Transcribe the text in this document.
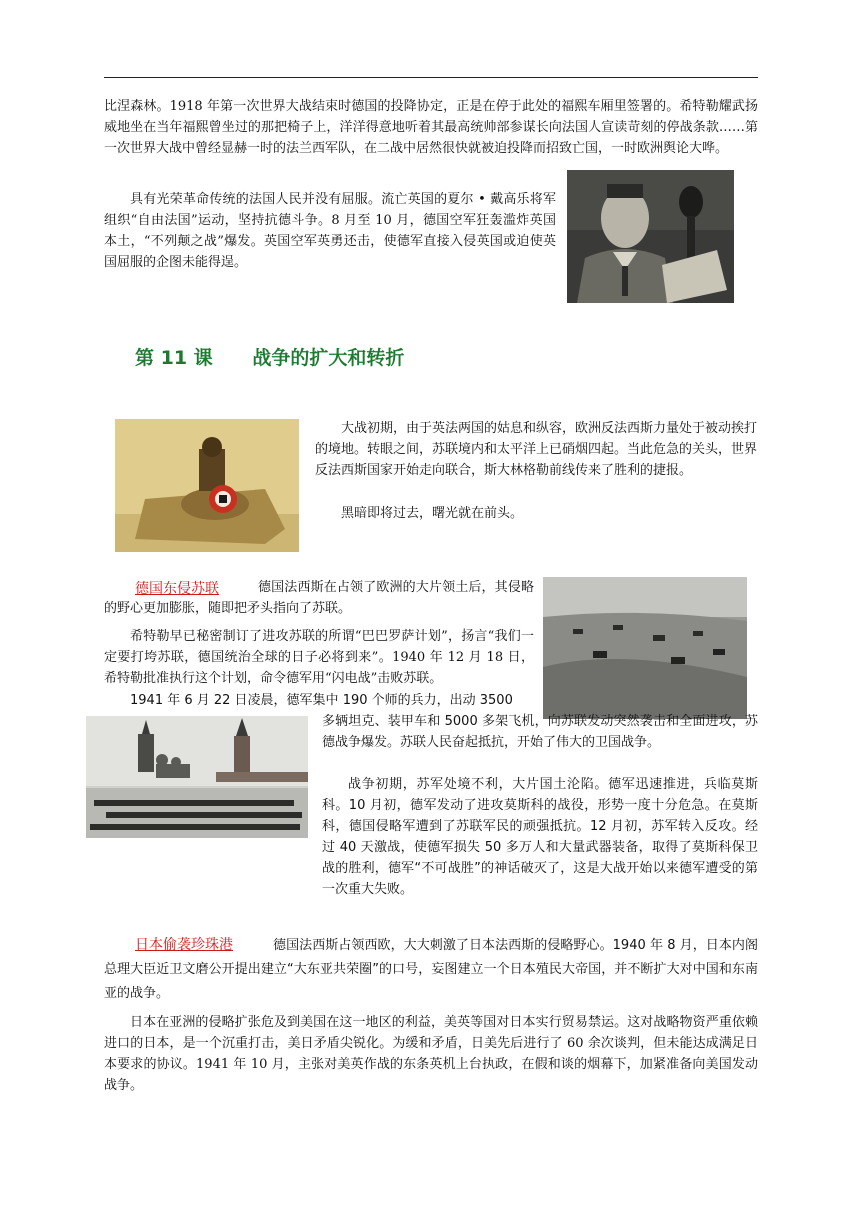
比涅森林。1918 年第一次世界大战结束时德国的投降协定，正是在停于此处的福熙车厢里签署的。希特勒耀武扬威地坐在当年福熙曾坐过的那把椅子上，洋洋得意地听着其最高统帅部参谋长向法国人宣读苛刻的停战条款……第一次世界大战中曾经显赫一时的法兰西军队，在二战中居然很快就被迫投降而招致亡国，一时欧洲舆论大哗。

具有光荣革命传统的法国人民并没有屈服。流亡英国的夏尔 • 戴高乐将军组织“自由法国”运动，坚持抗德斗争。8 月至 10 月，德国空军狂轰滥炸英国本土，“不列颠之战”爆发。英国空军英勇还击，使德军直接入侵英国或迫使英国屈服的企图未能得逞。

第 11 课      战争的扩大和转折

大战初期，由于英法两国的姑息和纵容，欧洲反法西斯力量处于被动挨打的境地。转眼之间，苏联境内和太平洋上已硝烟四起。当此危急的关头，世界反法西斯国家开始走向联合，斯大林格勒前线传来了胜利的捷报。

黑暗即将过去，曙光就在前头。

德国东侵苏联	德国法西斯在占领了欧洲的大片领土后，其侵略的野心更加膨胀，随即把矛头指向了苏联。

希特勒早已秘密制订了进攻苏联的所谓“巴巴罗萨计划”，扬言“我们一定要打垮苏联，德国统治全球的日子必将到来”。1940 年 12 月 18 日，希特勒批准执行这个计划，命令德军用“闪电战”击败苏联。

1941 年 6 月 22 日凌晨，德军集中 190 个师的兵力，出动 3500

多辆坦克、装甲车和 5000 多架飞机，向苏联发动突然袭击和全面进攻，苏德战争爆发。苏联人民奋起抵抗，开始了伟大的卫国战争。

战争初期，苏军处境不利，大片国土沦陷。德军迅速推进，兵临莫斯科。10 月初，德军发动了进攻莫斯科的战役，形势一度十分危急。在莫斯科，德国侵略军遭到了苏联军民的顽强抵抗。12 月初，苏军转入反攻。经过 40 天激战，使德军损失 50 多万人和大量武器装备，取得了莫斯科保卫战的胜利，德军“不可战胜”的神话破灭了，这是大战开始以来德军遭受的第一次重大失败。

日本偷袭珍珠港	德国法西斯占领西欧，大大刺激了日本法西斯的侵略野心。1940 年 8 月，日本内阁总理大臣近卫文磨公开提出建立“大东亚共荣圈”的口号，妄图建立一个日本殖民大帝国，并不断扩大对中国和东南亚的战争。

日本在亚洲的侵略扩张危及到美国在这一地区的利益，美英等国对日本实行贸易禁运。这对战略物资严重依赖进口的日本，是一个沉重打击，美日矛盾尖锐化。为缓和矛盾，日美先后进行了 60 余次谈判，但未能达成满足日本要求的协议。1941 年 10 月，主张对美英作战的东条英机上台执政，在假和谈的烟幕下，加紧准备向美国发动战争。
